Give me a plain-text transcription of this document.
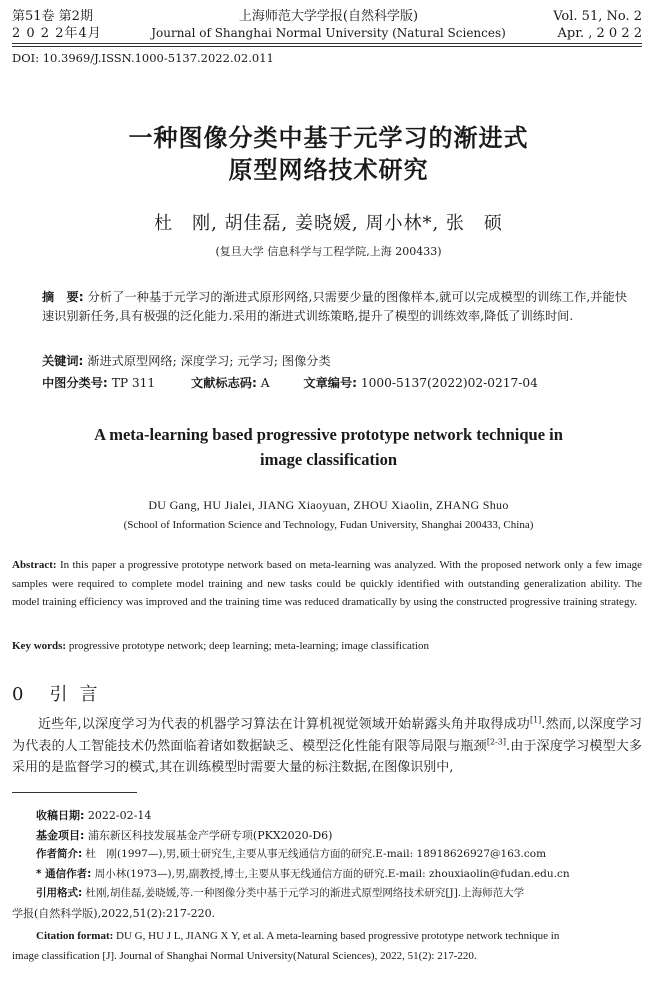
第51卷 第2期
2 0 2 2年4月
上海师范大学学报(自然科学版)
Journal of Shanghai Normal University (Natural Sciences)
Vol. 51, No. 2
Apr. , 2 0 2 2
DOI: 10.3969/J.ISSN.1000-5137.2022.02.011
一种图像分类中基于元学习的渐进式
原型网络技术研究
杜　刚, 胡佳磊, 姜晓媛, 周小林*, 张　硕
(复旦大学 信息科学与工程学院,上海 200433)
摘　要: 分析了一种基于元学习的渐进式原形网络,只需要少量的图像样本,就可以完成模型的训练工作,并能快速识别新任务,具有极强的泛化能力.采用的渐进式训练策略,提升了模型的训练效率,降低了训练时间.
关键词: 渐进式原型网络; 深度学习; 元学习; 图像分类
中图分类号: TP 311	文献标志码: A	文章编号: 1000-5137(2022)02-0217-04
A meta-learning based progressive prototype network technique in
image classification
DU Gang, HU Jialei, JIANG Xiaoyuan, ZHOU Xiaolin, ZHANG Shuo
(School of Information Science and Technology, Fudan University, Shanghai 200433, China)
Abstract: In this paper a progressive prototype network based on meta-learning was analyzed. With the proposed network only a few image samples were required to complete model training and new tasks could be quickly identified with outstanding generalization ability. The model training efficiency was improved and the training time was reduced dramatically by using the constructed progressive training strategy.
Key words: progressive prototype network; deep learning; meta-learning; image classification
0 引言
近些年,以深度学习为代表的机器学习算法在计算机视觉领域开始崭露头角并取得成功[1].然而,以深度学习为代表的人工智能技术仍然面临着诸如数据缺乏、模型泛化性能有限等局限与瓶颈[2-3].由于深度学习模型大多采用的是监督学习的模式,其在训练模型时需要大量的标注数据,在图像识别中,
收稿日期: 2022-02-14
基金项目: 浦东新区科技发展基金产学研专项(PKX2020-D6)
作者简介: 杜　刚(1997—),男,硕士研究生,主要从事无线通信方面的研究.E-mail: 18918626927@163.com
* 通信作者: 周小林(1973—),男,副教授,博士,主要从事无线通信方面的研究.E-mail: zhouxiaolin@fudan.edu.cn
引用格式: 杜刚,胡佳磊,姜晓媛,等.一种图像分类中基于元学习的渐进式原型网络技术研究[J].上海师范大学
学报(自然科学版),2022,51(2):217-220.
Citation format: DU G, HU J L, JIANG X Y, et al. A meta-learning based progressive prototype network technique in
image classification [J]. Journal of Shanghai Normal University(Natural Sciences), 2022, 51(2): 217-220.
